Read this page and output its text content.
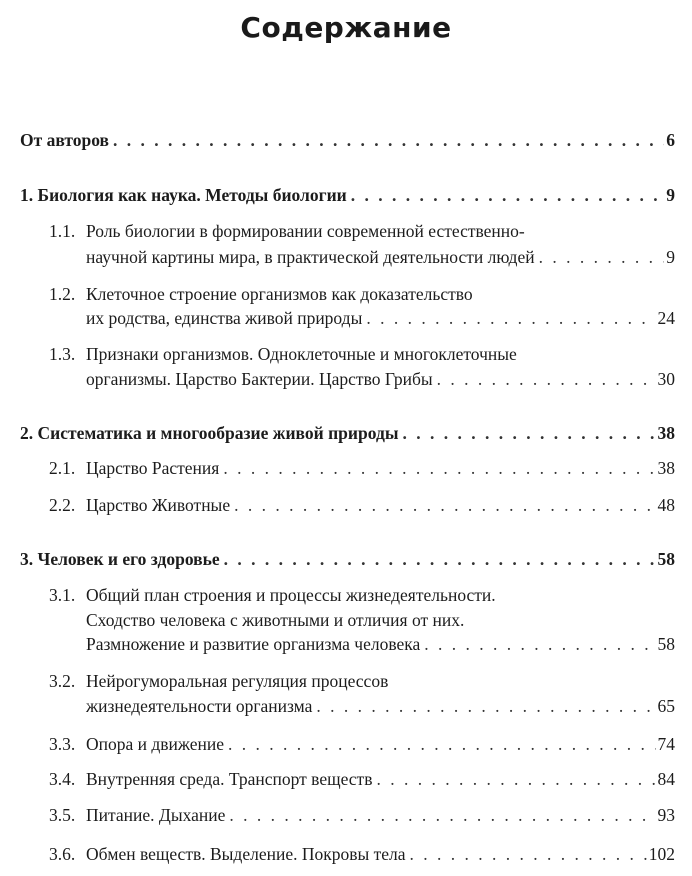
Содержание
От авторов . . .	6
1. Биология как наука. Методы биологии . . .	9
1.1. Роль биологии в формировании современной естественно-
научной картины мира, в практической деятельности людей . . .	9
1.2. Клеточное строение организмов как доказательство
их родства, единства живой природы . . .	24
1.3. Признаки организмов. Одноклеточные и многоклеточные
организмы. Царство Бактерии. Царство Грибы . . .	30
2. Систематика и многообразие живой природы . . .	38
2.1. Царство Растения . . .	38
2.2. Царство Животные . . .	48
3. Человек и его здоровье . . .	58
3.1. Общий план строения и процессы жизнедеятельности.
Сходство человека с животными и отличия от них.
Размножение и развитие организма человека . . .	58
3.2. Нейрогуморальная регуляция процессов
жизнедеятельности организма . . .	65
3.3. Опора и движение . . .	74
3.4. Внутренняя среда. Транспорт веществ . . .	84
3.5. Питание. Дыхание . . .	93
3.6. Обмен веществ. Выделение. Покровы тела . . .	102
